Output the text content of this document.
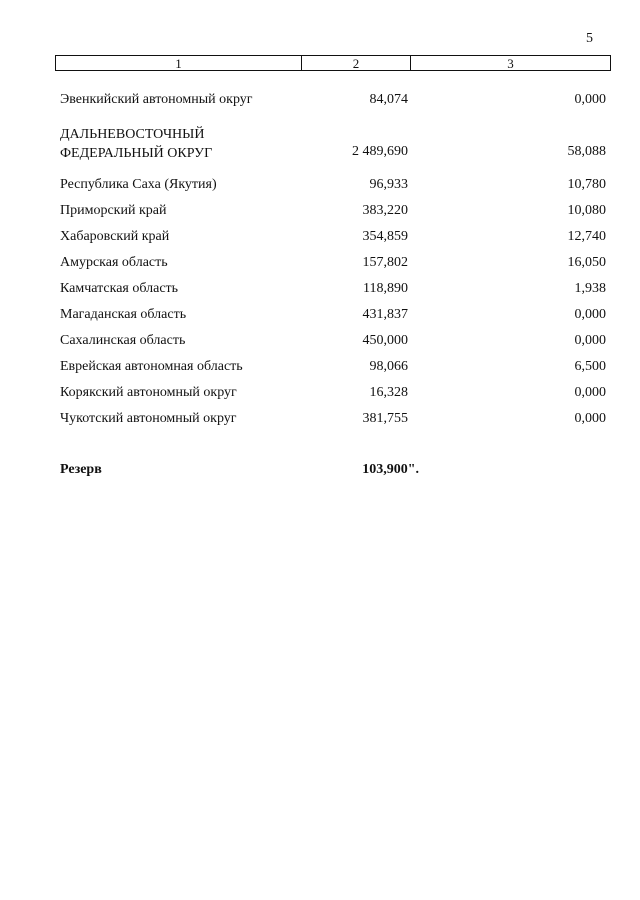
5
1	2	3
Эвенкийский автономный округ	84,074	0,000
ДАЛЬНЕВОСТОЧНЫЙ
ФЕДЕРАЛЬНЫЙ ОКРУГ	2 489,690	58,088
Республика Саха (Якутия)	96,933	10,780
Приморский край	383,220	10,080
Хабаровский край	354,859	12,740
Амурская область	157,802	16,050
Камчатская область	118,890	1,938
Магаданская область	431,837	0,000
Сахалинская область	450,000	0,000
Еврейская автономная область	98,066	6,500
Корякский автономный округ	16,328	0,000
Чукотский автономный округ	381,755	0,000
Резерв	103,900".
